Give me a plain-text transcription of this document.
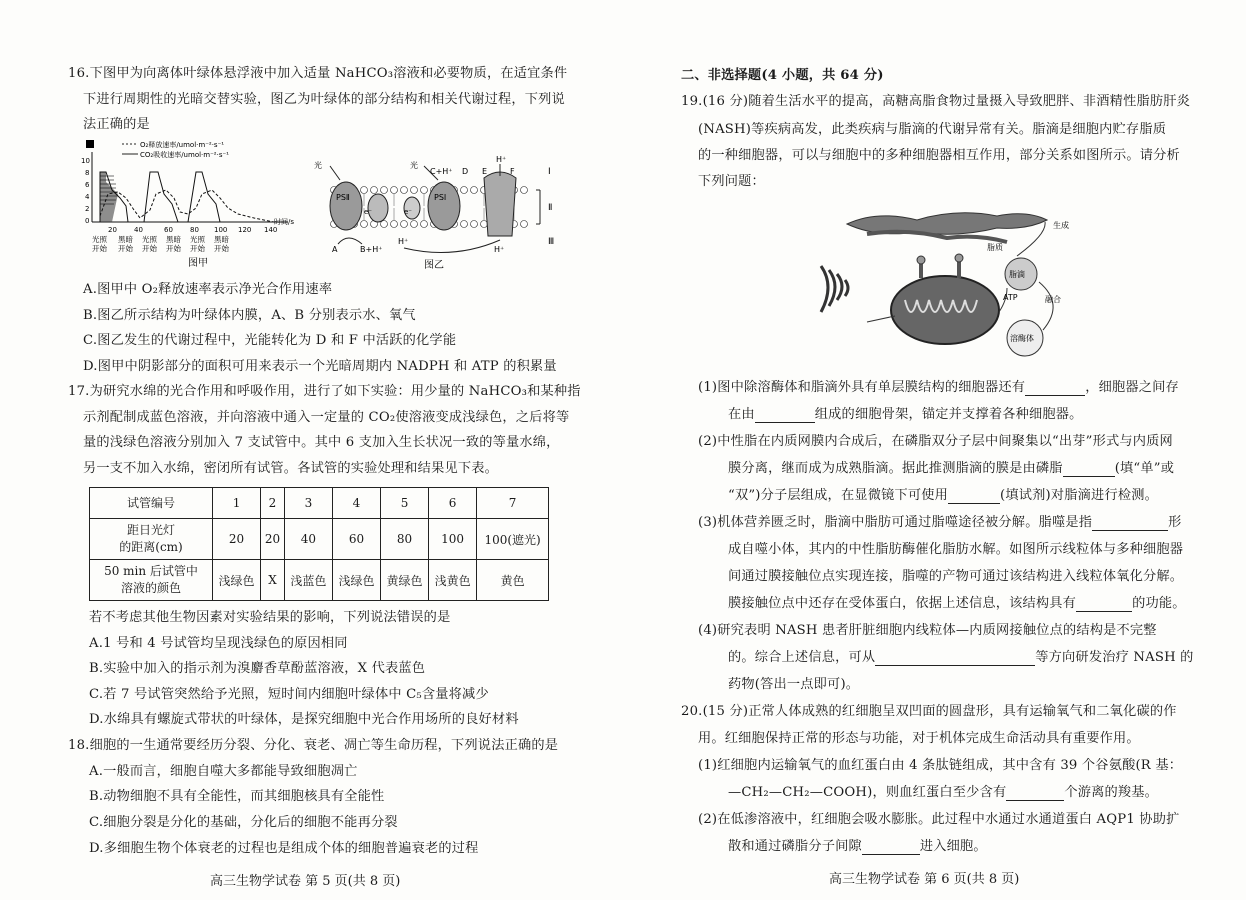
16.下图甲为向离体叶绿体悬浮液中加入适量 NaHCO₃溶液和必要物质，在适宜条件
下进行周期性的光暗交替实验，图乙为叶绿体的部分结构和相关代谢过程，下列说
法正确的是
O₂释放速率/umol·m⁻²·s⁻¹
CO₂吸收速率/umol·m⁻²·s⁻¹
10
8
6
4
2
0
20 40	60 80 100 120 140
时间/s
光照
开始
黑暗
开始
光照
开始
黑暗
开始
光照
开始
黑暗
开始
图甲
PSⅡ	PSⅠ
e⁻	e⁻
光	光
C+H⁺ D E	F
H⁺
H⁺
H⁺
A	B+H⁺
Ⅰ
Ⅱ
Ⅲ
图乙
A.图甲中 O₂释放速率表示净光合作用速率
B.图乙所示结构为叶绿体内膜，A、B 分别表示水、氧气
C.图乙发生的代谢过程中，光能转化为 D 和 F 中活跃的化学能
D.图甲中阴影部分的面积可用来表示一个光暗周期内 NADPH 和 ATP 的积累量
17.为研究水绵的光合作用和呼吸作用，进行了如下实验：用少量的 NaHCO₃和某种指
示剂配制成蓝色溶液，并向溶液中通入一定量的 CO₂使溶液变成浅绿色，之后将等
量的浅绿色溶液分别加入 7 支试管中。其中 6 支加入生长状况一致的等量水绵，
另一支不加入水绵，密闭所有试管。各试管的实验处理和结果见下表。
试管编号	1	2	3	4	5	6	7
距日光灯
的距离(cm)	20	20	40	60	80	100	100(遮光)
50 min 后试管中
溶液的颜色	浅绿色	X	浅蓝色	浅绿色	黄绿色	浅黄色	黄色
若不考虑其他生物因素对实验结果的影响，下列说法错误的是
A.1 号和 4 号试管均呈现浅绿色的原因相同
B.实验中加入的指示剂为溴麝香草酚蓝溶液，X 代表蓝色
C.若 7 号试管突然给予光照，短时间内细胞叶绿体中 C₅含量将减少
D.水绵具有螺旋式带状的叶绿体，是探究细胞中光合作用场所的良好材料
18.细胞的一生通常要经历分裂、分化、衰老、凋亡等生命历程，下列说法正确的是
A.一般而言，细胞自噬大多都能导致细胞凋亡
B.动物细胞不具有全能性，而其细胞核具有全能性
C.细胞分裂是分化的基础，分化后的细胞不能再分裂
D.多细胞生物个体衰老的过程也是组成个体的细胞普遍衰老的过程
高三生物学试卷 第 5 页(共 8 页)
二、非选择题(4 小题，共 64 分)
19.(16 分)随着生活水平的提高，高糖高脂食物过量摄入导致肥胖、非酒精性脂肪肝炎
(NASH)等疾病高发，此类疾病与脂滴的代谢异常有关。脂滴是细胞内贮存脂质
的一种细胞器，可以与细胞中的多种细胞器相互作用，部分关系如图所示。请分析
下列问题：
脂滴
溶酶体
生成
脂质
ATP	融合
(1)图中除溶酶体和脂滴外具有单层膜结构的细胞器还有	，细胞器之间存
在由	组成的细胞骨架，锚定并支撑着各种细胞器。
(2)中性脂在内质网膜内合成后，在磷脂双分子层中间聚集以“出芽”形式与内质网
膜分离，继而成为成熟脂滴。据此推测脂滴的膜是由磷脂	(填“单”或
“双”)分子层组成，在显微镜下可使用	(填试剂)对脂滴进行检测。
(3)机体营养匮乏时，脂滴中脂肪可通过脂噬途径被分解。脂噬是指	形
成自噬小体，其内的中性脂肪酶催化脂肪水解。如图所示线粒体与多种细胞器
间通过膜接触位点实现连接，脂噬的产物可通过该结构进入线粒体氧化分解。
膜接触位点中还存在受体蛋白，依据上述信息，该结构具有	的功能。
(4)研究表明 NASH 患者肝脏细胞内线粒体—内质网接触位点的结构是不完整
的。综合上述信息，可从	等方向研发治疗 NASH 的
药物(答出一点即可)。
20.(15 分)正常人体成熟的红细胞呈双凹面的圆盘形，具有运输氧气和二氧化碳的作
用。红细胞保持正常的形态与功能，对于机体完成生命活动具有重要作用。
(1)红细胞内运输氧气的血红蛋白由 4 条肽链组成，其中含有 39 个谷氨酸(R 基：
—CH₂—CH₂—COOH)，则血红蛋白至少含有	个游离的羧基。
(2)在低渗溶液中，红细胞会吸水膨胀。此过程中水通过水通道蛋白 AQP1 协助扩
散和通过磷脂分子间隙	进入细胞。
高三生物学试卷 第 6 页(共 8 页)
